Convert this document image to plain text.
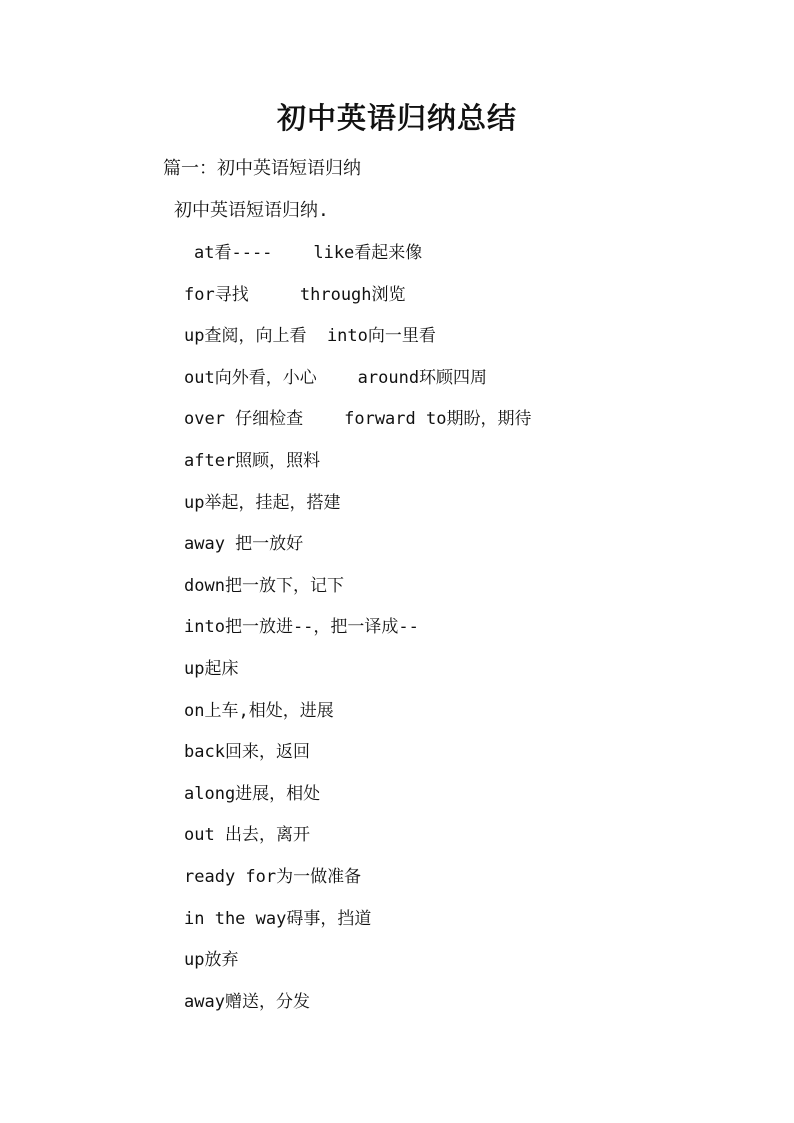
初中英语归纳总结
篇一：初中英语短语归纳
初中英语短语归纳.
at看----    like看起来像
for寻找     through浏览
up查阅，向上看  into向一里看
out向外看，小心    around环顾四周
over 仔细检查    forward to期盼，期待
after照顾，照料
up举起，挂起，搭建
away 把一放好
down把一放下，记下
into把一放进--，把一译成--
up起床
on上车,相处，进展
back回来，返回
along进展，相处
out 出去，离开
ready for为一做准备
in the way碍事，挡道
up放弃
away赠送，分发
